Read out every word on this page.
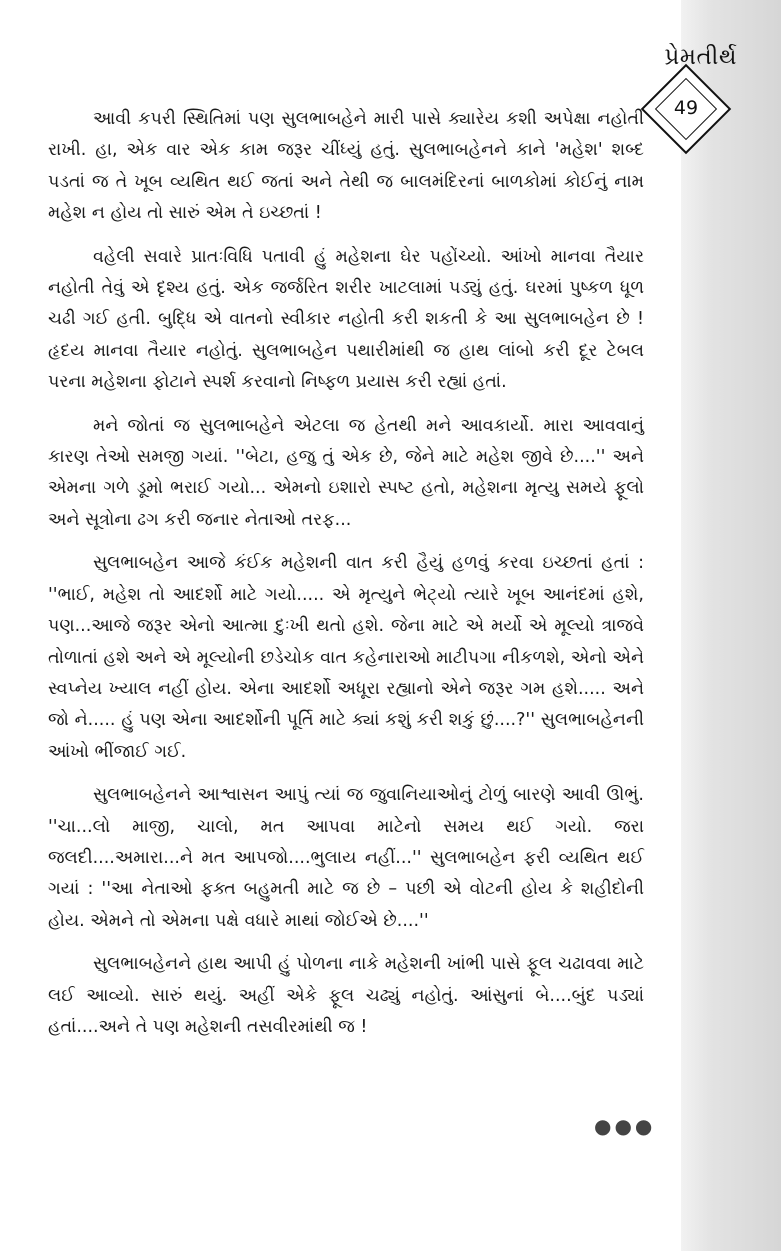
પ્રેમતીર્થ
49

આવી કપરી સ્થિતિમાં પણ સુલભાબહેને મારી પાસે ક્યારેય કશી અપેક્ષા નહોતી રાખી. હા, એક વાર એક કામ જરૂર ચીંધ્યું હતું. સુલભાબહેનને કાને 'મહેશ' શબ્દ પડતાં જ તે ખૂબ વ્યથિત થઈ જતાં અને તેથી જ બાલમંદિરનાં બાળકોમાં કોઈનું નામ મહેશ ન હોય તો સારું એમ તે ઇચ્છતાં !

વહેલી સવારે પ્રાતઃવિધિ પતાવી હું મહેશના ઘેર પહોંચ્યો. આંખો માનવા તૈયાર નહોતી તેવું એ દૃશ્ય હતું. એક જર્જરિત શરીર ખાટલામાં પડ્યું હતું. ઘરમાં પુષ્કળ ધૂળ ચઢી ગઈ હતી. બુદ્ધિ એ વાતનો સ્વીકાર નહોતી કરી શકતી કે આ સુલભાબહેન છે ! હૃદય માનવા તૈયાર નહોતું. સુલભાબહેન પથારીમાંથી જ હાથ લાંબો કરી દૂર ટેબલ પરના મહેશના ફોટાને સ્પર્શ કરવાનો નિષ્ફળ પ્રયાસ કરી રહ્યાં હતાં.

મને જોતાં જ સુલભાબહેને એટલા જ હેતથી મને આવકાર્યો. મારા આવવાનું કારણ તેઓ સમજી ગયાં. ''બેટા, હજુ તું એક છે, જેને માટે મહેશ જીવે છે....'' અને એમના ગળે ડૂમો ભરાઈ ગયો... એમનો ઇશારો સ્પષ્ટ હતો, મહેશના મૃત્યુ સમયે ફૂલો અને સૂત્રોના ઢગ કરી જનાર નેતાઓ તરફ...

સુલભાબહેન આજે કંઈક મહેશની વાત કરી હૈયું હળવું કરવા ઇચ્છતાં હતાં : ''ભાઈ, મહેશ તો આદર્શો માટે ગયો..... એ મૃત્યુને ભેટ્યો ત્યારે ખૂબ આનંદમાં હશે, પણ...આજે જરૂર એનો આત્મા દુઃખી થતો હશે. જેના માટે એ મર્યો એ મૂલ્યો ત્રાજવે તોળાતાં હશે અને એ મૂલ્યોની છડેચોક વાત કહેનારાઓ માટીપગા નીકળશે, એનો એને સ્વપ્નેય ખ્યાલ નહીં હોય. એના આદર્શો અધૂરા રહ્યાનો એને જરૂર ગમ હશે..... અને જો ને..... હું પણ એના આદર્શોની પૂર્તિ માટે ક્યાં કશું કરી શકું છું....?'' સુલભાબહેનની આંખો ભીંજાઈ ગઈ.

સુલભાબહેનને આશ્વાસન આપું ત્યાં જ જુવાનિયાઓનું ટોળું બારણે આવી ઊભું. ''ચા...લો માજી, ચાલો, મત આપવા માટેનો સમય થઈ ગયો. જરા જલદી....અમારા...ને મત આપજો....ભુલાય નહીં...'' સુલભાબહેન ફરી વ્યથિત થઈ ગયાં : ''આ નેતાઓ ફક્ત બહુમતી માટે જ છે – પછી એ વોટની હોય કે શહીદોની હોય. એમને તો એમના પક્ષે વધારે માથાં જોઈએ છે....''

સુલભાબહેનને હાથ આપી હું પોળના નાકે મહેશની ખાંભી પાસે ફૂલ ચઢાવવા માટે લઈ આવ્યો. સારું થયું. અહીં એકે ફૂલ ચઢ્યું નહોતું. આંસુનાં બે....બુંદ પડ્યાં હતાં....અને તે પણ મહેશની તસવીરમાંથી જ !

●●●
